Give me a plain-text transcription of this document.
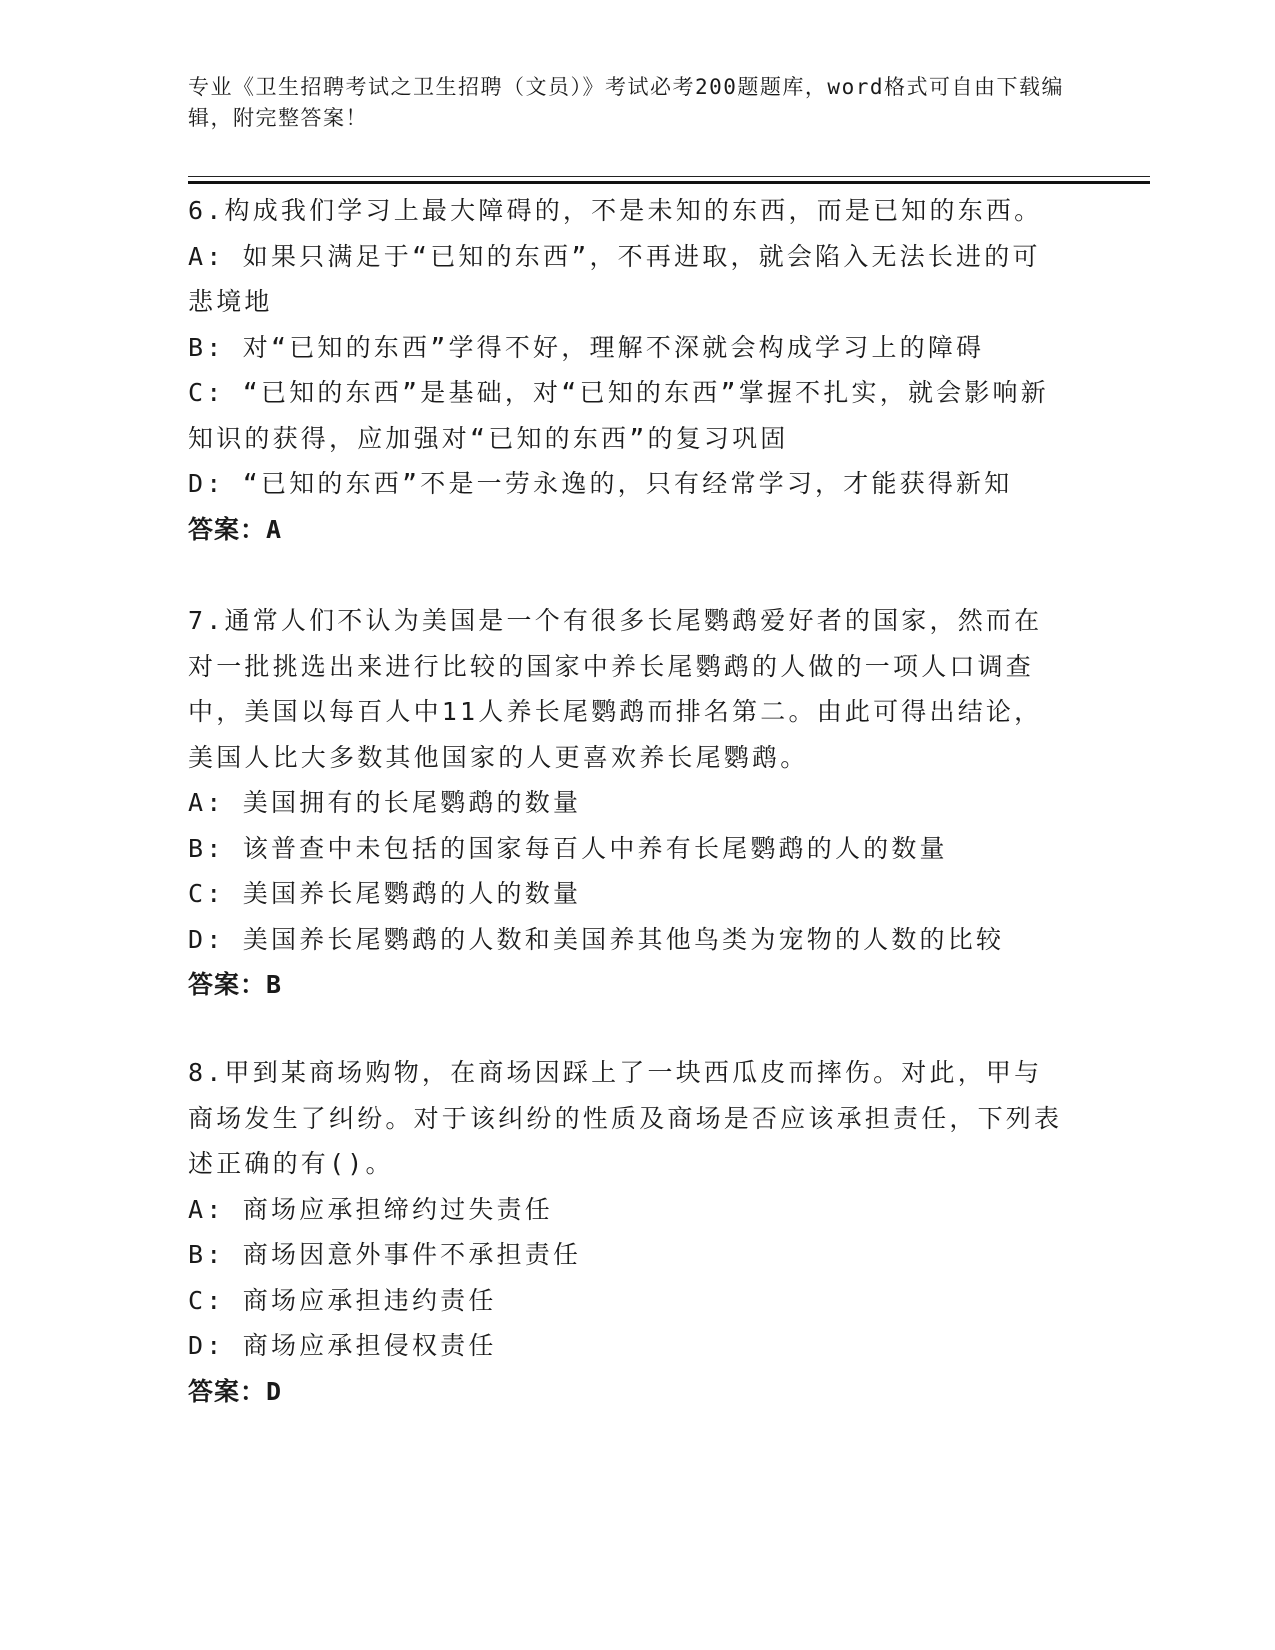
专业《卫生招聘考试之卫生招聘（文员）》考试必考200题题库，word格式可自由下载编辑，附完整答案！

6.构成我们学习上最大障碍的，不是未知的东西，而是已知的东西。

A: 如果只满足于“已知的东西”，不再进取，就会陷入无法长进的可悲境地

B: 对“已知的东西”学得不好，理解不深就会构成学习上的障碍

C: “已知的东西”是基础，对“已知的东西”掌握不扎实，就会影响新知识的获得，应加强对“已知的东西”的复习巩固

D: “已知的东西”不是一劳永逸的，只有经常学习，才能获得新知

答案：A

7.通常人们不认为美国是一个有很多长尾鹦鹉爱好者的国家，然而在对一批挑选出来进行比较的国家中养长尾鹦鹉的人做的一项人口调查中，美国以每百人中11人养长尾鹦鹉而排名第二。由此可得出结论，美国人比大多数其他国家的人更喜欢养长尾鹦鹉。

A: 美国拥有的长尾鹦鹉的数量

B: 该普查中未包括的国家每百人中养有长尾鹦鹉的人的数量

C: 美国养长尾鹦鹉的人的数量

D: 美国养长尾鹦鹉的人数和美国养其他鸟类为宠物的人数的比较

答案：B

8.甲到某商场购物，在商场因踩上了一块西瓜皮而摔伤。对此，甲与商场发生了纠纷。对于该纠纷的性质及商场是否应该承担责任，下列表述正确的有()。

A: 商场应承担缔约过失责任

B: 商场因意外事件不承担责任

C: 商场应承担违约责任

D: 商场应承担侵权责任

答案：D
